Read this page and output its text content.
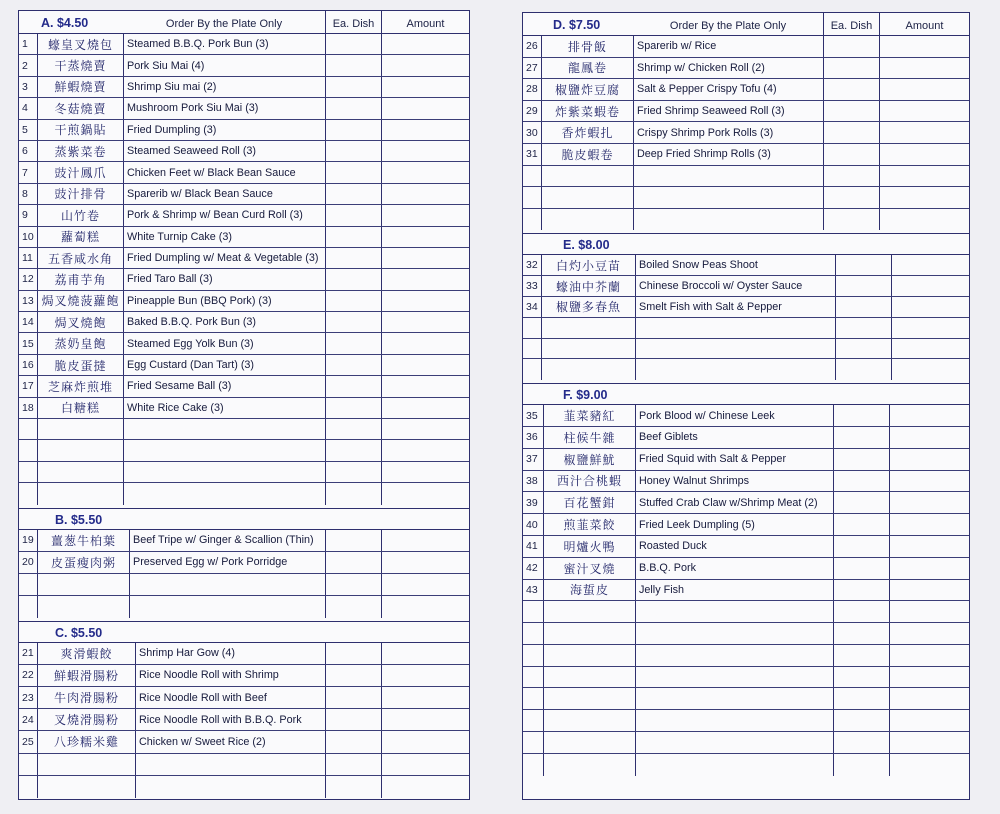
A. $4.50	Order By the Plate Only	Ea. Dish	Amount
1	蠔皇叉燒包	Steamed B.B.Q. Pork Bun (3)
2	干蒸燒賣	Pork Siu Mai (4)
3	鮮蝦燒賣	Shrimp Siu mai (2)
4	冬菇燒賣	Mushroom Pork Siu Mai (3)
5	干煎鍋貼	Fried Dumpling (3)
6	蒸紫菜卷	Steamed Seaweed Roll (3)
7	豉汁鳳爪	Chicken Feet w/ Black Bean Sauce
8	豉汁排骨	Sparerib w/ Black Bean Sauce
9	山竹卷	Pork & Shrimp w/ Bean Curd Roll (3)
10	蘿蔔糕	White Turnip Cake (3)
11	五香咸水角	Fried Dumpling w/ Meat & Vegetable (3)
12	荔甫芋角	Fried Taro Ball (3)
13 焗叉燒菠蘿飽 Pineapple Bun (BBQ Pork) (3)
14	焗叉燒飽	Baked B.B.Q. Pork Bun (3)
15	蒸奶皇飽	Steamed Egg Yolk Bun (3)
16	脆皮蛋撻	Egg Custard (Dan Tart) (3)
17	芝麻炸煎堆	Fried Sesame Ball (3)
18	白糖糕	White Rice Cake (3)
B. $5.50
19	薑葱牛柏葉	Beef Tripe w/ Ginger & Scallion (Thin)
20	皮蛋瘦肉粥	Preserved Egg w/ Pork Porridge
C. $5.50
21	爽滑蝦餃	Shrimp Har Gow (4)
22	鮮蝦滑腸粉	Rice Noodle Roll with Shrimp
23	牛肉滑腸粉	Rice Noodle Roll with Beef
24	叉燒滑腸粉	Rice Noodle Roll with B.B.Q. Pork
25	八珍糯米雞	Chicken w/ Sweet Rice (2)
D. $7.50	Order By the Plate Only	Ea. Dish	Amount
26	排骨飯	Sparerib w/ Rice
27	龍鳳卷	Shrimp w/ Chicken Roll (2)
28	椒鹽炸豆腐	Salt & Pepper Crispy Tofu (4)
29	炸紫菜蝦卷	Fried Shrimp Seaweed Roll (3)
30	香炸蝦扎	Crispy Shrimp Pork Rolls (3)
31	脆皮蝦卷	Deep Fried Shrimp Rolls (3)
E. $8.00
32	白灼小豆苗	Boiled Snow Peas Shoot
33	蠔油中芥蘭	Chinese Broccoli w/ Oyster Sauce
34	椒鹽多春魚	Smelt Fish with Salt & Pepper
F. $9.00
35	韮菜豬紅	Pork Blood w/ Chinese Leek
36	柱候牛雜	Beef Giblets
37	椒鹽鮮魷	Fried Squid with Salt & Pepper
38	西汁合桃蝦	Honey Walnut Shrimps
39	百花蟹鉗	Stuffed Crab Claw w/Shrimp Meat (2)
40	煎韮菜餃	Fried Leek Dumpling (5)
41	明爐火鴨	Roasted Duck
42	蜜汁叉燒	B.B.Q. Pork
43	海蜇皮	Jelly Fish
